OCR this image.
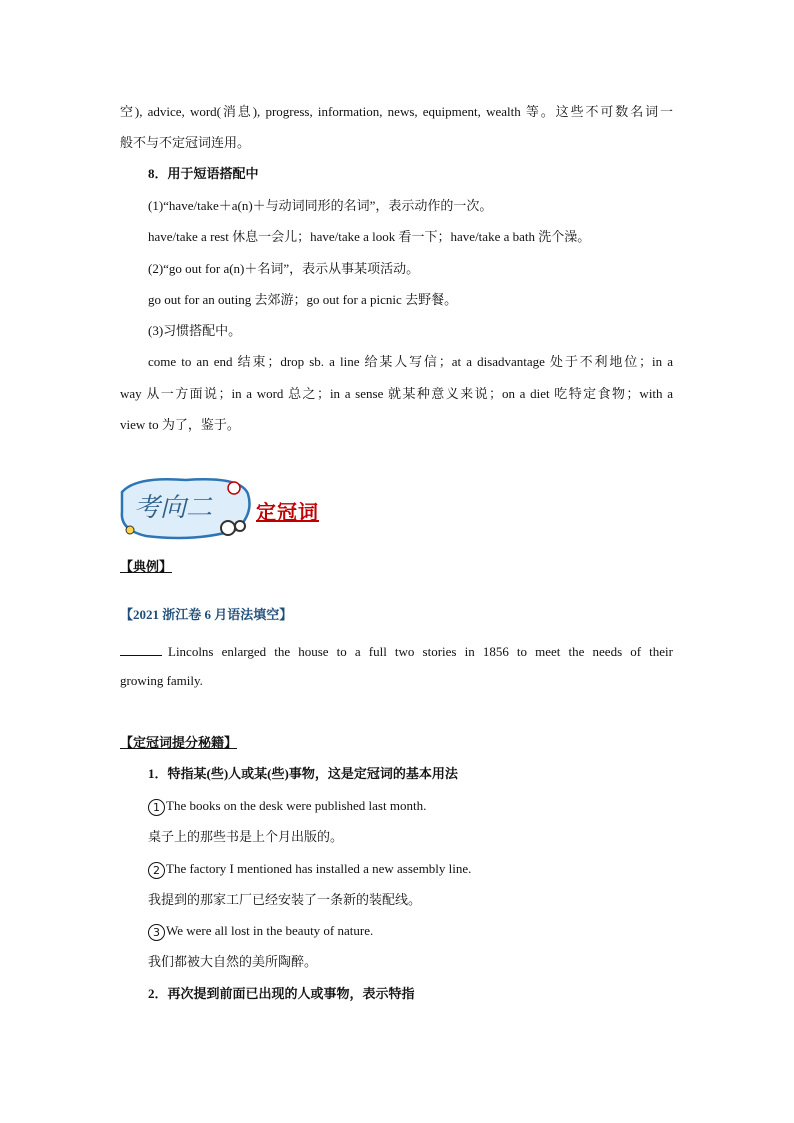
空), advice, word(消息), progress, information, news, equipment, wealth 等。这些不可数名词一
般不与不定冠词连用。
8．用于短语搭配中
(1)“have/take＋a(n)＋与动词同形的名词”，表示动作的一次。
have/take a rest 休息一会儿；have/take a look 看一下；have/take a bath 洗个澡。
(2)“go out for a(n)＋名词”，表示从事某项活动。
go out for an outing 去郊游；go out for a picnic 去野餐。
(3)习惯搭配中。
come to an end 结束；drop sb. a line 给某人写信；at a disadvantage 处于不利地位；in a
way 从一方面说；in a word 总之；in a sense 就某种意义来说；on a diet 吃特定食物；with a
view to 为了，鉴于。
考向二 定冠词
【典例】
【2021 浙江卷 6 月语法填空】
Lincolns enlarged the house to a full two stories in 1856 to meet the needs of their
growing family.
【定冠词提分秘籍】
1．特指某(些)人或某(些)事物，这是定冠词的基本用法
1 The books on the desk were published last month.
桌子上的那些书是上个月出版的。
2 The factory I mentioned has installed a new assembly line.
我提到的那家工厂已经安装了一条新的装配线。
3 We were all lost in the beauty of nature.
我们都被大自然的美所陶醉。
2．再次提到前面已出现的人或事物，表示特指
